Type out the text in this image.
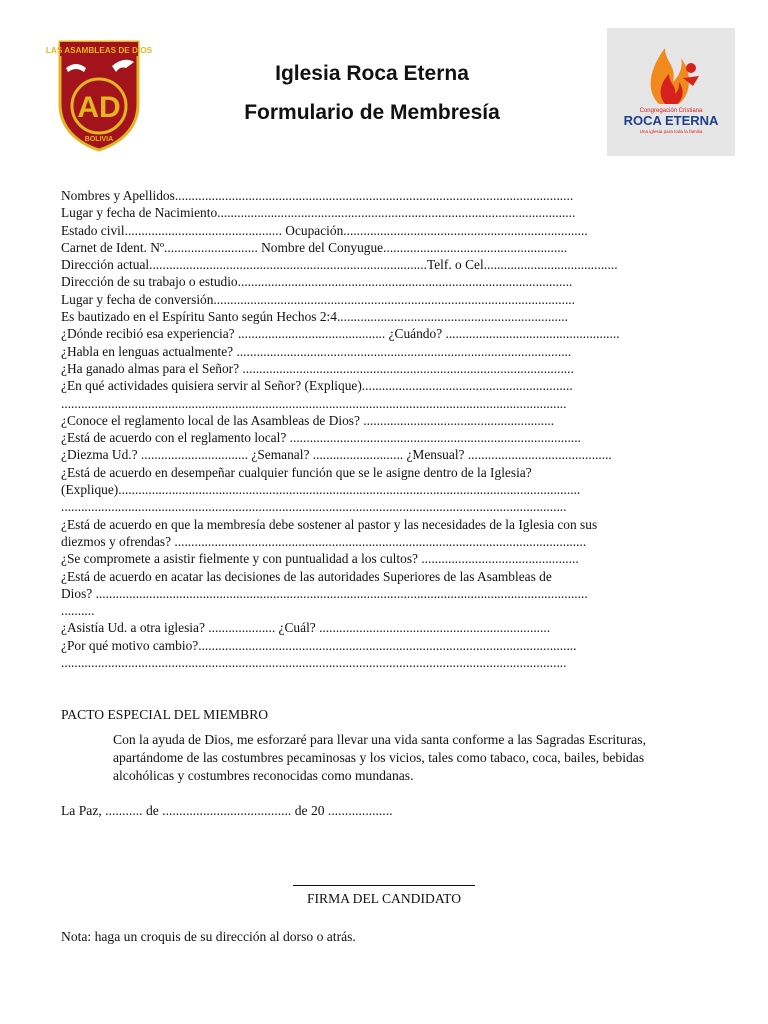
LAS ASAMBLEAS DE DIOS
AD
BOLIVIA
Iglesia Roca Eterna
Formulario de Membresía	Congregación Cristiana
ROCA ETERNA
Una iglesia para toda la familia
Nombres y Apellidos.......................................................................................................................
Lugar y fecha de Nacimiento...........................................................................................................
Estado civil............................................... Ocupación.........................................................................
Carnet de Ident. Nº............................ Nombre del Conyugue.......................................................
Dirección actual...................................................................................Telf. o Cel........................................
Dirección de su trabajo o estudio....................................................................................................
Lugar y fecha de conversión............................................................................................................
Es bautizado en el Espíritu Santo según Hechos 2:4.....................................................................
¿Dónde recibió esa experiencia? ............................................ ¿Cuándo? ....................................................
¿Habla en lenguas actualmente? ....................................................................................................
¿Ha ganado almas para el Señor? ...................................................................................................
¿En qué actividades quisiera servir al Señor? (Explique)...............................................................
.......................................................................................................................................................
¿Conoce el reglamento local de las Asambleas de Dios? .........................................................
¿Está de acuerdo con el reglamento local? .......................................................................................
¿Diezma Ud.? ................................ ¿Semanal? ........................... ¿Mensual? ...........................................
¿Está de acuerdo en desempeñar cualquier función que se le asigne dentro de la Iglesia?
(Explique)..........................................................................................................................................
.......................................................................................................................................................
¿Está de acuerdo en que la membresía debe sostener al pastor y las necesidades de la Iglesia con sus
diezmos y ofrendas? ...........................................................................................................................
¿Se compromete a asistir fielmente y con puntualidad a los cultos? ...............................................
¿Está de acuerdo en acatar las decisiones de las autoridades Superiores de las Asambleas de
Dios? ...................................................................................................................................................
..........
¿Asistía Ud. a otra iglesia? .................... ¿Cuál? .....................................................................
¿Por qué motivo cambio?.................................................................................................................
.......................................................................................................................................................
PACTO ESPECIAL DEL MIEMBRO
Con la ayuda de Dios, me esforzaré para llevar una vida santa conforme a las Sagradas Escrituras,
apartándome de las costumbres pecaminosas y los vicios, tales como tabaco, coca, bailes, bebidas
alcohólicas y costumbres reconocidas como mundanas.
La Paz, ........... de ...................................... de 20 ...................
FIRMA DEL CANDIDATO
Nota: haga un croquis de su dirección al dorso o atrás.
